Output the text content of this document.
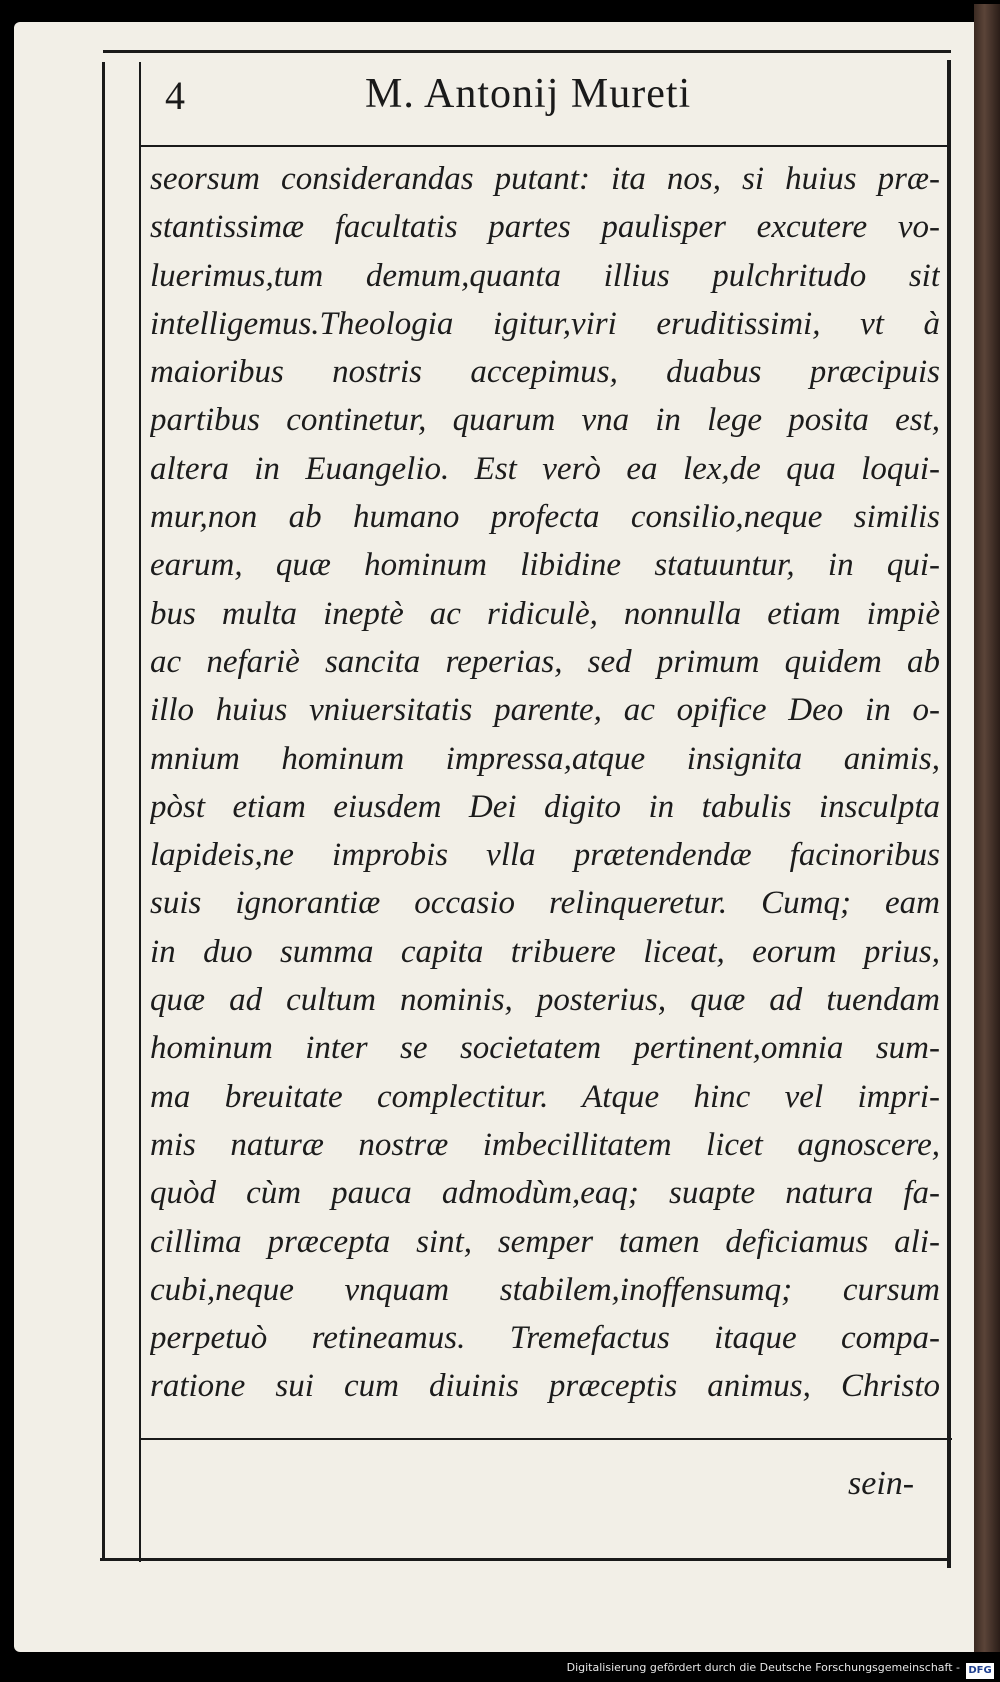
4	M. Antonij Mureti

seorsum considerandas putant: ita nos, si huius præ-
stantissimæ facultatis partes paulisper excutere vo-
luerimus,tum demum,quanta illius pulchritudo sit
intelligemus.Theologia igitur,viri eruditissimi, vt à
maioribus nostris accepimus, duabus præcipuis
partibus continetur, quarum vna in lege posita est,
altera in Euangelio. Est verò ea lex,de qua loqui-
mur,non ab humano profecta consilio,neque similis
earum, quæ hominum libidine statuuntur, in qui-
bus multa ineptè ac ridiculè, nonnulla etiam impiè
ac nefariè sancita reperias, sed primum quidem ab
illo huius vniuersitatis parente, ac opifice Deo in o-
mnium hominum impressa,atque insignita animis,
pòst etiam eiusdem Dei digito in tabulis insculpta
lapideis,ne improbis vlla prætendendæ facinoribus
suis ignorantiæ occasio relinqueretur. Cumq; eam
in duo summa capita tribuere liceat, eorum prius,
quæ ad cultum nominis, posterius, quæ ad tuendam
hominum inter se societatem pertinent,omnia sum-
ma breuitate complectitur. Atque hinc vel impri-
mis naturæ nostræ imbecillitatem licet agnoscere,
quòd cùm pauca admodùm,eaq; suapte natura fa-
cillima præcepta sint, semper tamen deficiamus ali-
cubi,neque vnquam stabilem,inoffensumq; cursum
perpetuò retineamus. Tremefactus itaque compa-
ratione sui cum diuinis præceptis animus, Christo

sein-

Digitalisierung gefördert durch die Deutsche Forschungsgemeinschaft - DFG
